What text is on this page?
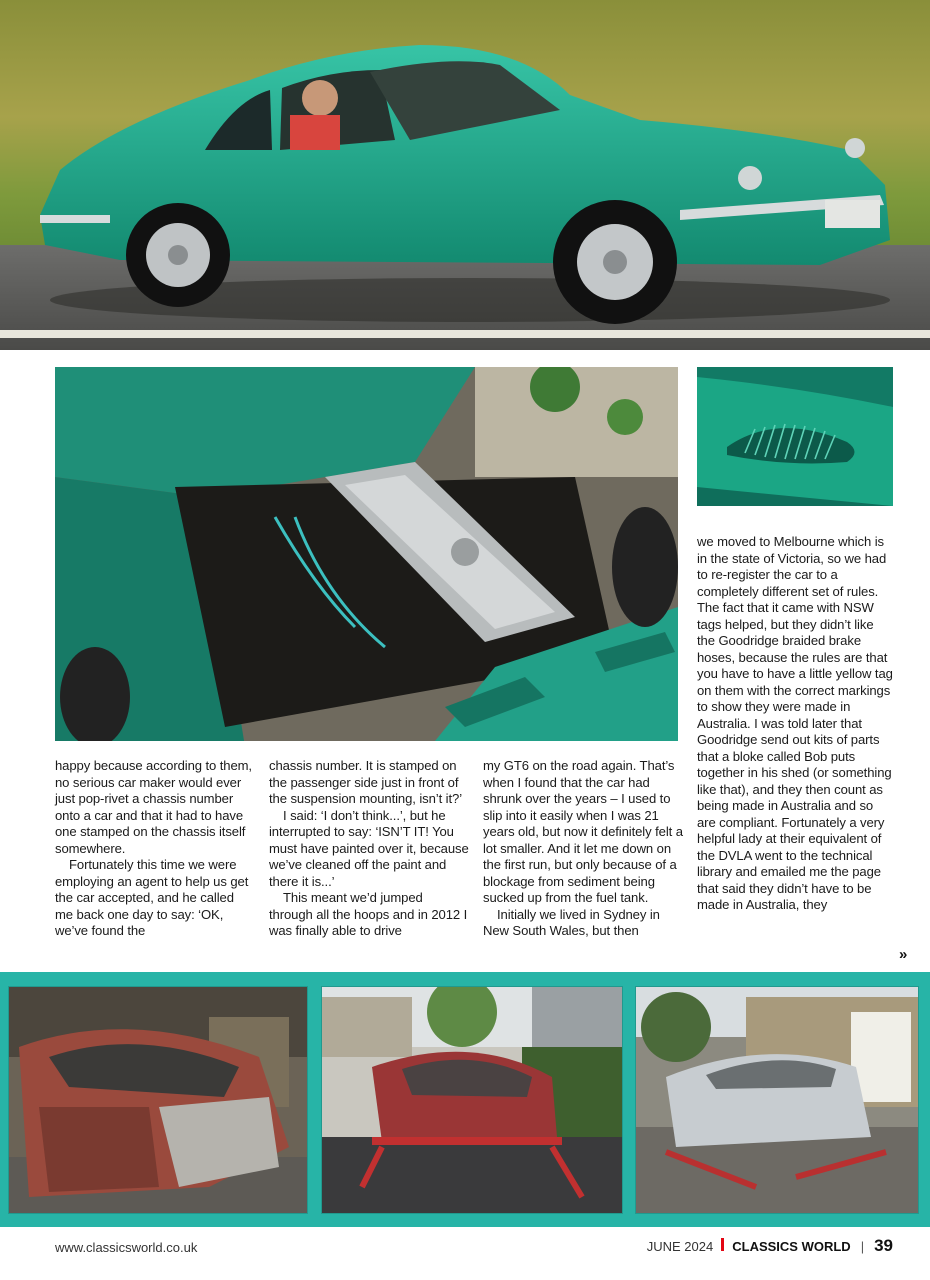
happy because according to them, no serious car maker would ever just pop-rivet a chassis number onto a car and that it had to have one stamped on the chassis itself somewhere.

Fortunately this time we were employing an agent to help us get the car accepted, and he called me back one day to say: ‘OK, we’ve found the

chassis number. It is stamped on the passenger side just in front of the suspension mounting, isn’t it?’

I said: ‘I don’t think...’, but he interrupted to say: ‘ISN’T IT! You must have painted over it, because we’ve cleaned off the paint and there it is...’

This meant we’d jumped through all the hoops and in 2012 I was finally able to drive

my GT6 on the road again. That’s when I found that the car had shrunk over the years – I used to slip into it easily when I was 21 years old, but now it definitely felt a lot smaller. And it let me down on the first run, but only because of a blockage from sediment being sucked up from the fuel tank.

Initially we lived in Sydney in New South Wales, but then

we moved to Melbourne which is in the state of Victoria, so we had to re-register the car to a completely different set of rules. The fact that it came with NSW tags helped, but they didn’t like the Goodridge braided brake hoses, because the rules are that you have to have a little yellow tag on them with the correct markings to show they were made in Australia. I was told later that Goodridge send out kits of parts that a bloke called Bob puts together in his shed (or something like that), and they then count as being made in Australia and so are compliant. Fortunately a very helpful lady at their equivalent of the DVLA went to the technical library and emailed me the page that said they didn’t have to be made in Australia, they

»
www.classicsworld.co.uk	JUNE 2024 CLASSICS WORLD | 39
